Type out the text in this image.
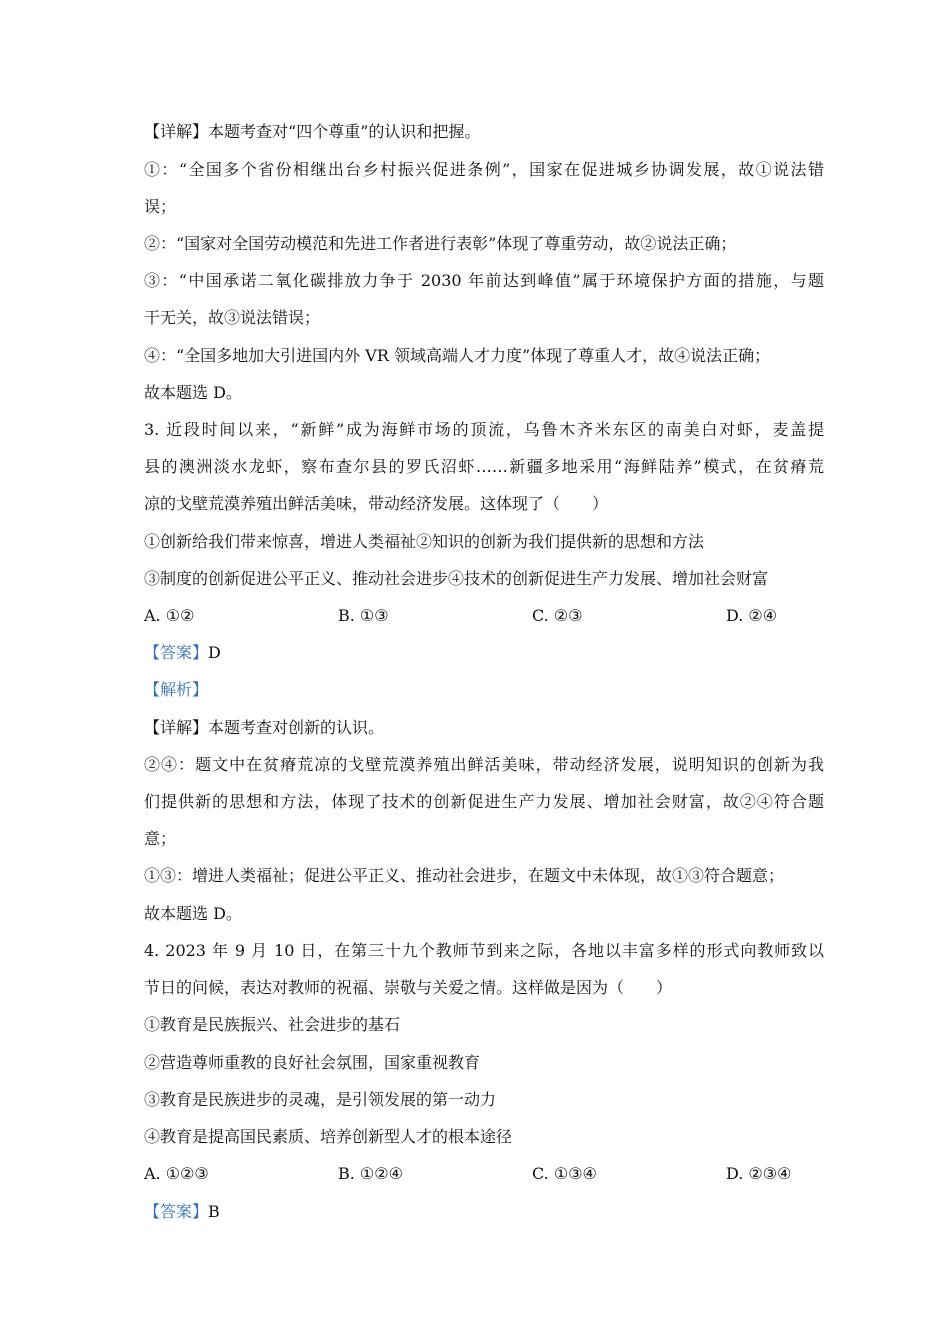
【详解】本题考查对“四个尊重”的认识和把握。
①：“全国多个省份相继出台乡村振兴促进条例”，国家在促进城乡协调发展，故①说法错
误；
②：“国家对全国劳动模范和先进工作者进行表彰”体现了尊重劳动，故②说法正确；
③：“中国承诺二氧化碳排放力争于 2030 年前达到峰值”属于环境保护方面的措施，与题
干无关，故③说法错误；
④：“全国多地加大引进国内外 VR 领域高端人才力度”体现了尊重人才，故④说法正确；
故本题选 D。
3. 近段时间以来，“新鲜”成为海鲜市场的顶流，乌鲁木齐米东区的南美白对虾，麦盖提
县的澳洲淡水龙虾，察布查尔县的罗氏沼虾……新疆多地采用“海鲜陆养”模式，在贫瘠荒
凉的戈壁荒漠养殖出鲜活美味，带动经济发展。这体现了（　　）
①创新给我们带来惊喜，增进人类福祉②知识的创新为我们提供新的思想和方法
③制度的创新促进公平正义、推动社会进步④技术的创新促进生产力发展、增加社会财富
A. ①②	B. ①③	C. ②③	D. ②④
【答案】D
【解析】
【详解】本题考查对创新的认识。
②④：题文中在贫瘠荒凉的戈壁荒漠养殖出鲜活美味，带动经济发展，说明知识的创新为我
们提供新的思想和方法，体现了技术的创新促进生产力发展、增加社会财富，故②④符合题
意；
①③：增进人类福祉；促进公平正义、推动社会进步，在题文中未体现，故①③符合题意；
故本题选 D。
4. 2023 年 9 月 10 日，在第三十九个教师节到来之际，各地以丰富多样的形式向教师致以
节日的问候，表达对教师的祝福、崇敬与关爱之情。这样做是因为（　　）
①教育是民族振兴、社会进步的基石
②营造尊师重教的良好社会氛围，国家重视教育
③教育是民族进步的灵魂，是引领发展的第一动力
④教育是提高国民素质、培养创新型人才的根本途径
A. ①②③	B. ①②④	C. ①③④	D. ②③④
【答案】B
